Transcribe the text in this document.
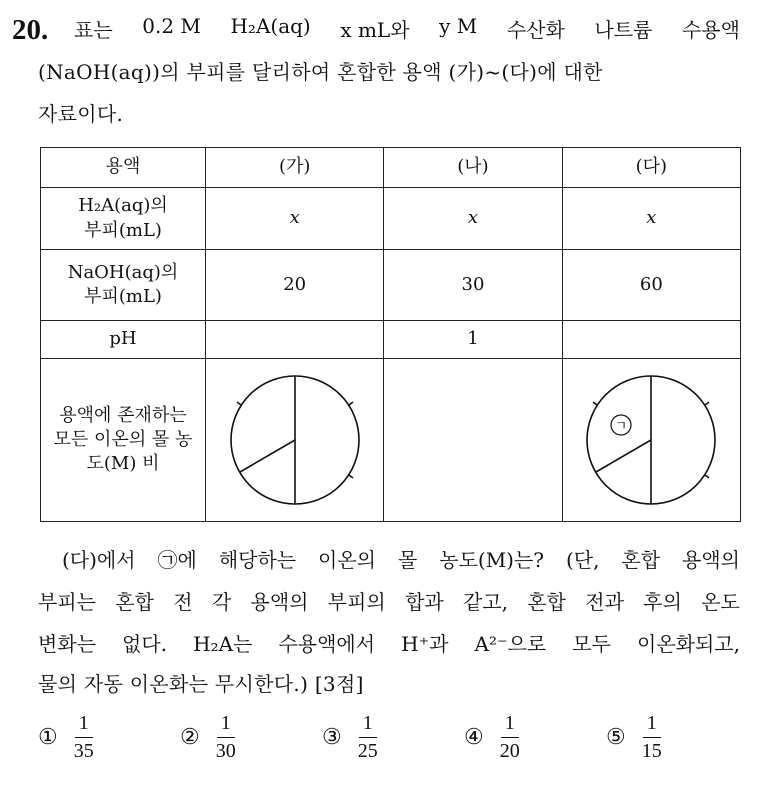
20. 표는 0.2 M H₂A(aq) x mL와 y M 수산화 나트륨 수용액
(NaOH(aq))의 부피를 달리하여 혼합한 용액 (가)~(다)에 대한
자료이다.
용액	(가)	(나)	(다)
H₂A(aq)의 부피(mL)	x	x	x
NaOH(aq)의 부피(mL)	20	30	60
pH		1	
용액에 존재하는 모든 이온의 몰 농도(M) 비			ㄱ
(다)에서 ㉠에 해당하는 이온의 몰 농도(M)는? (단, 혼합 용액의
부피는 혼합 전 각 용액의 부피의 합과 같고, 혼합 전과 후의 온도
변화는 없다. H₂A는 수용액에서 H⁺과 A²⁻으로 모두 이온화되고,
물의 자동 이온화는 무시한다.) [3점]
① $\frac{1}{35}$	② $\frac{1}{30}$	③ $\frac{1}{25}$	④ $\frac{1}{20}$	⑤ $\frac{1}{15}$
